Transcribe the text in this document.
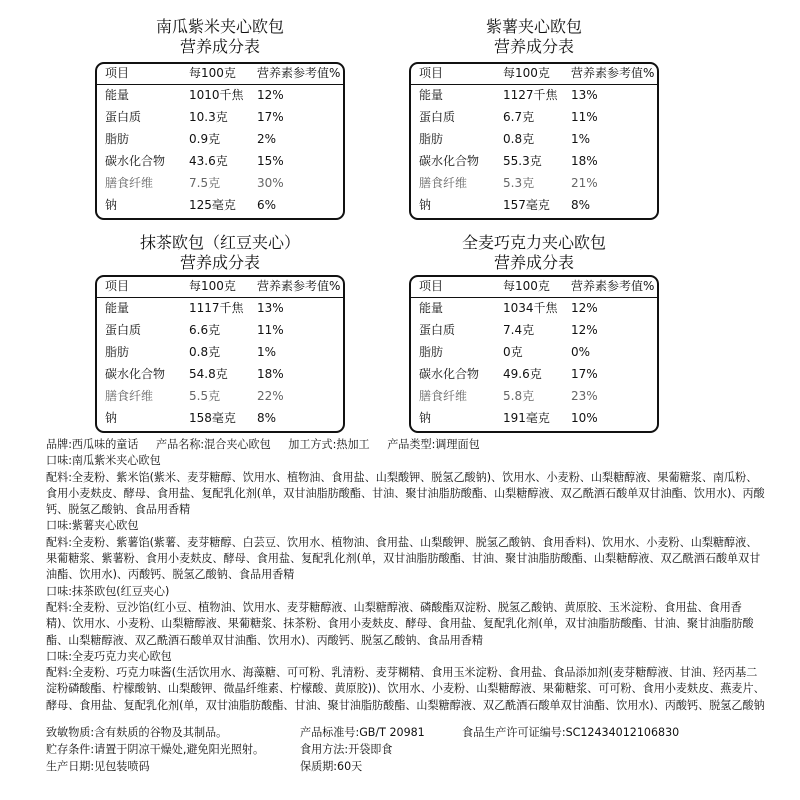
南瓜紫米夹心欧包
营养成分表
项目	每100克 营养素参考值%
能量	1010千焦 12%
蛋白质	10.3克 17%
脂肪	0.9克	2%
碳水化合物 43.6克 15%
膳食纤维	7.5克	30%
钠	125毫克 6%
紫薯夹心欧包
营养成分表
项目	每100克 营养素参考值%
能量	1127千焦 13%
蛋白质	6.7克	11%
脂肪	0.8克	1%
碳水化合物 55.3克 18%
膳食纤维	5.3克	21%
钠	157毫克 8%
抹茶欧包（红豆夹心）
营养成分表
项目	每100克 营养素参考值%
能量	1117千焦 13%
蛋白质	6.6克	11%
脂肪	0.8克	1%
碳水化合物 54.8克 18%
膳食纤维	5.5克	22%
钠	158毫克 8%
全麦巧克力夹心欧包
营养成分表
项目	每100克 营养素参考值%
能量	1034千焦 12%
蛋白质	7.4克	12%
脂肪	0克	0%
碳水化合物 49.6克 17%
膳食纤维	5.8克	23%
钠	191毫克 10%
品牌:西瓜味的童话 产品名称:混合夹心欧包 加工方式:热加工 产品类型:调理面包
口味:南瓜紫米夹心欧包
配料:全麦粉、紫米馅(紫米、麦芽糖醇、饮用水、植物油、食用盐、山梨酸钾、脱氢乙酸钠)、饮用水、小麦粉、山梨糖醇液、果葡糖浆、南瓜粉、食用小麦麸皮、酵母、食用盐、复配乳化剂(单，双甘油脂肪酸酯、甘油、聚甘油脂肪酸酯、山梨糖醇液、双乙酰酒石酸单双甘油酯、饮用水)、丙酸钙、脱氢乙酸钠、食品用香精
口味:紫薯夹心欧包
配料:全麦粉、紫薯馅(紫薯、麦芽糖醇、白芸豆、饮用水、植物油、食用盐、山梨酸钾、脱氢乙酸钠、食用香料)、饮用水、小麦粉、山梨糖醇液、果葡糖浆、紫薯粉、食用小麦麸皮、酵母、食用盐、复配乳化剂(单，双甘油脂肪酸酯、甘油、聚甘油脂肪酸酯、山梨糖醇液、双乙酰酒石酸单双甘油酯、饮用水)、丙酸钙、脱氢乙酸钠、食品用香精
口味:抹茶欧包(红豆夹心)
配料:全麦粉、豆沙馅(红小豆、植物油、饮用水、麦芽糖醇液、山梨糖醇液、磷酸酯双淀粉、脱氢乙酸钠、黄原胶、玉米淀粉、食用盐、食用香精)、饮用水、小麦粉、山梨糖醇液、果葡糖浆、抹茶粉、食用小麦麸皮、酵母、食用盐、复配乳化剂(单，双甘油脂肪酸酯、甘油、聚甘油脂肪酸酯、山梨糖醇液、双乙酰酒石酸单双甘油酯、饮用水)、丙酸钙、脱氢乙酸钠、食品用香精
口味:全麦巧克力夹心欧包
配料:全麦粉、巧克力味酱(生活饮用水、海藻糖、可可粉、乳清粉、麦芽糊精、食用玉米淀粉、食用盐、食品添加剂(麦芽糖醇液、甘油、羟丙基二淀粉磷酸酯、柠檬酸钠、山梨酸钾、微晶纤维素、柠檬酸、黄原胶))、饮用水、小麦粉、山梨糖醇液、果葡糖浆、可可粉、食用小麦麸皮、燕麦片、酵母、食用盐、复配乳化剂(单，双甘油脂肪酸酯、甘油、聚甘油脂肪酸酯、山梨糖醇液、双乙酰酒石酸单双甘油酯、饮用水)、丙酸钙、脱氢乙酸钠
致敏物质:含有麸质的谷物及其制品。	产品标准号:GB/T 20981	食品生产许可证编号:SC12434012106830
贮存条件:请置于阴凉干燥处,避免阳光照射。	食用方法:开袋即食
生产日期:见包装喷码	保质期:60天
